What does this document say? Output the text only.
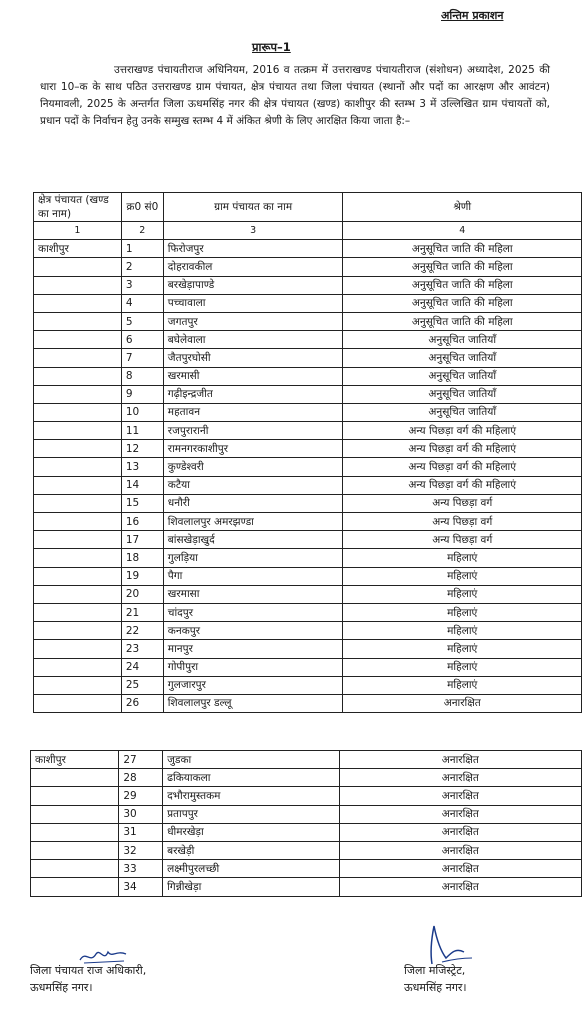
अन्तिम प्रकाशन
प्रारूप–1

उत्तराखण्ड पंचायतीराज अधिनियम, 2016 व तत्क्रम में उत्तराखण्ड पंचायतीराज (संशोधन) अध्यादेश, 2025 की धारा 10–क के साथ पठित उत्तराखण्ड ग्राम पंचायत, क्षेत्र पंचायत तथा जिला पंचायत (स्थानों और पदों का आरक्षण और आवंटन) नियमावली, 2025 के अन्तर्गत जिला ऊधमसिंह नगर की क्षेत्र पंचायत (खण्ड) काशीपुर की स्तम्भ 3 में उल्लिखित ग्राम पंचायतों को, प्रधान पदों के निर्वाचन हेतु उनके सम्मुख स्तम्भ 4 में अंकित श्रेणी के लिए आरक्षित किया जाता है:–

क्षेत्र पंचायत (खण्ड का नाम)	क्र0 सं0	ग्राम पंचायत का नाम	श्रेणी
1	2	3	4
काशीपुर	1	फिरोजपुर	अनुसूचित जाति की महिला
	2	दोहरावकील	अनुसूचित जाति की महिला
	3	बरखेड़ापाण्डे	अनुसूचित जाति की महिला
	4	पच्चावाला	अनुसूचित जाति की महिला
	5	जगतपुर	अनुसूचित जाति की महिला
	6	बघेलेवाला	अनुसूचित जातियाँ
	7	जैतपुरघोसी	अनुसूचित जातियाँ
	8	खरमासी	अनुसूचित जातियाँ
	9	गढ़ीइन्द्रजीत	अनुसूचित जातियाँ
	10	महतावन	अनुसूचित जातियाँ
	11	रजपुरारानी	अन्य पिछड़ा वर्ग की महिलाएं
	12	रामनगरकाशीपुर	अन्य पिछड़ा वर्ग की महिलाएं
	13	कुण्डेश्वरी	अन्य पिछड़ा वर्ग की महिलाएं
	14	कटैया	अन्य पिछड़ा वर्ग की महिलाएं
	15	धनौरी	अन्य पिछड़ा वर्ग
	16	शिवलालपुर अमरझण्डा	अन्य पिछड़ा वर्ग
	17	बांसखेड़ाखुर्द	अन्य पिछड़ा वर्ग
	18	गुलड़िया	महिलाएं
	19	पैगा	महिलाएं
	20	खरमासा	महिलाएं
	21	चांदपुर	महिलाएं
	22	कनकपुर	महिलाएं
	23	मानपुर	महिलाएं
	24	गोपीपुरा	महिलाएं
	25	गुलजारपुर	महिलाएं
	26	शिवलालपुर डल्लू	अनारक्षित
काशीपुर	27	जुडका	अनारक्षित
	28	ढकियाकला	अनारक्षित
	29	दभौरामुस्तकम	अनारक्षित
	30	प्रतापपुर	अनारक्षित
	31	धीमरखेड़ा	अनारक्षित
	32	बरखेड़ी	अनारक्षित
	33	लक्ष्मीपुरलच्छी	अनारक्षित
	34	गिन्नीखेड़ा	अनारक्षित
जिला पंचायत राज अधिकारी,
ऊधमसिंह नगर।
जिला मजिस्ट्रेट,
ऊधमसिंह नगर।
